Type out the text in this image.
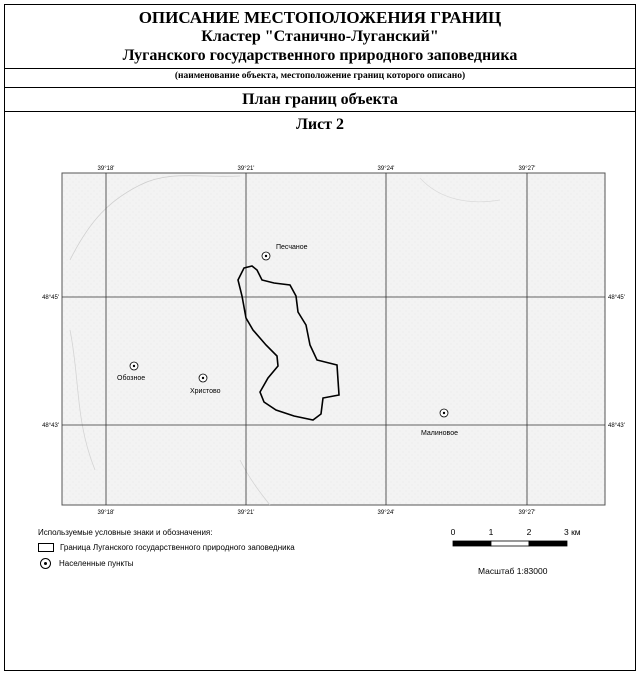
ОПИСАНИЕ МЕСТОПОЛОЖЕНИЯ ГРАНИЦ
Кластер "Станично-Луганский"
Луганского государственного природного заповедника
(наименование объекта, местоположение границ которого описано)
План границ объекта
Лист 2
39°18'	39°21'	39°24'	39°27'
39°18'	39°21'	39°24'	39°27'
48°45'	48°45'
48°43'	48°43'
Песчаное
Обозное
Христово
Малиновое
0	1	2	3 км
Используемые условные знаки и обозначения:
Граница Луганского государственного природного заповедника
Населенные пункты
Масштаб 1:83000
